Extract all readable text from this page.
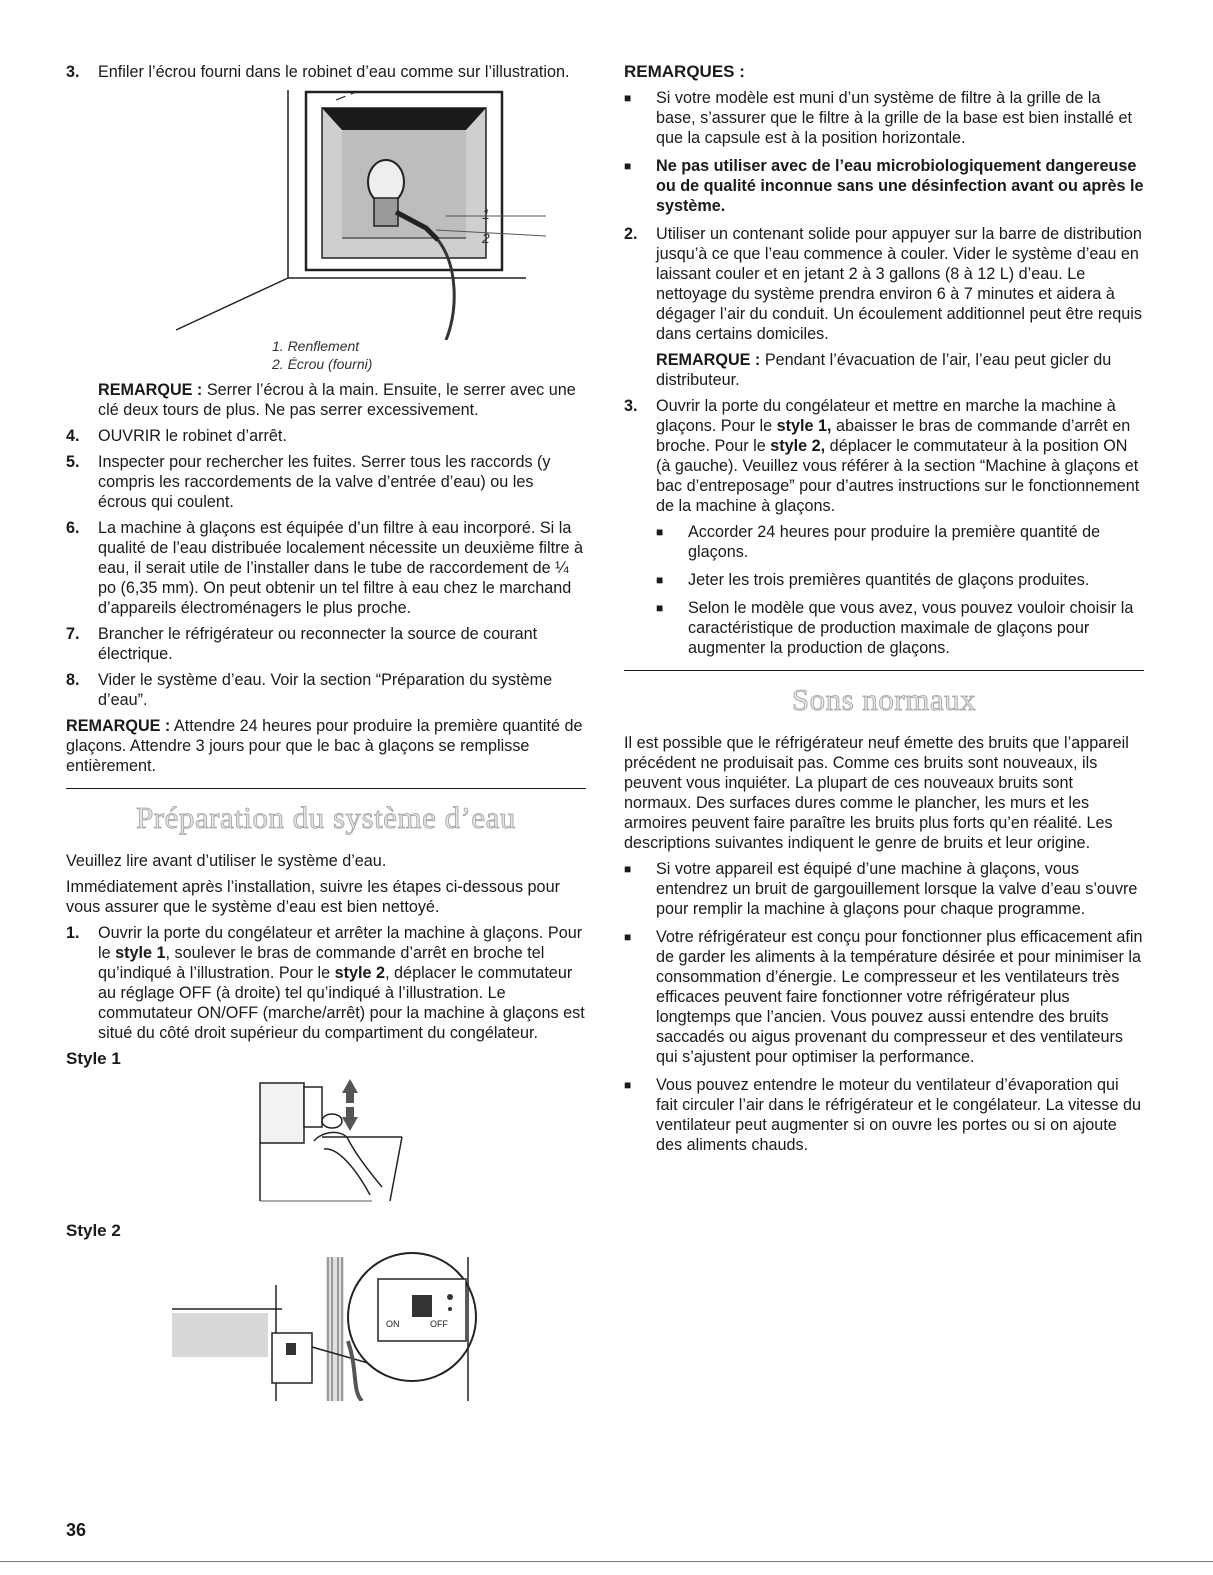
3. Enfiler l’écrou fourni dans le robinet d’eau comme sur l’illustration.
1
2
1. Renflement
2. Écrou (fourni)

REMARQUE : Serrer l’écrou à la main. Ensuite, le serrer avec une clé deux tours de plus. Ne pas serrer excessivement.

4. OUVRIR le robinet d’arrêt.
5. Inspecter pour rechercher les fuites. Serrer tous les raccords (y compris les raccordements de la valve d’entrée d’eau) ou les écrous qui coulent.
6. La machine à glaçons est équipée d’un filtre à eau incorporé. Si la qualité de l’eau distribuée localement nécessite un deuxième filtre à eau, il serait utile de l’installer dans le tube de raccordement de ¼ po (6,35 mm). On peut obtenir un tel filtre à eau chez le marchand d’appareils électroménagers le plus proche.
7. Brancher le réfrigérateur ou reconnecter la source de courant électrique.
8. Vider le système d’eau. Voir la section “Préparation du système d’eau”.

REMARQUE : Attendre 24 heures pour produire la première quantité de glaçons. Attendre 3 jours pour que le bac à glaçons se remplisse entièrement.

Préparation du système d’eau

Veuillez lire avant d’utiliser le système d’eau.

Immédiatement après l’installation, suivre les étapes ci-dessous pour vous assurer que le système d’eau est bien nettoyé.

1. Ouvrir la porte du congélateur et arrêter la machine à glaçons. Pour le style 1, soulever le bras de commande d’arrêt en broche tel qu’indiqué à l’illustration. Pour le style 2, déplacer le commutateur au réglage OFF (à droite) tel qu’indiqué à l’illustration. Le commutateur ON/OFF (marche/arrêt) pour la machine à glaçons est situé du côté droit supérieur du compartiment du congélateur.
Style 1
Style 2
ON	OFF
REMARQUES :
■ Si votre modèle est muni d’un système de filtre à la grille de la base, s’assurer que le filtre à la grille de la base est bien installé et que la capsule est à la position horizontale.
■ Ne pas utiliser avec de l’eau microbiologiquement dangereuse ou de qualité inconnue sans une désinfection avant ou après le système.
2. Utiliser un contenant solide pour appuyer sur la barre de distribution jusqu’à ce que l’eau commence à couler. Vider le système d’eau en laissant couler et en jetant 2 à 3 gallons (8 à 12 L) d’eau. Le nettoyage du système prendra environ 6 à 7 minutes et aidera à dégager l’air du conduit. Un écoulement additionnel peut être requis dans certains domiciles.

REMARQUE : Pendant l’évacuation de l’air, l’eau peut gicler du distributeur.

3. Ouvrir la porte du congélateur et mettre en marche la machine à glaçons. Pour le style 1, abaisser le bras de commande d’arrêt en broche. Pour le style 2, déplacer le commutateur à la position ON (à gauche). Veuillez vous référer à la section “Machine à glaçons et bac d’entreposage” pour d’autres instructions sur le fonctionnement de la machine à glaçons.
■ Accorder 24 heures pour produire la première quantité de glaçons.
■ Jeter les trois premières quantités de glaçons produites.
■ Selon le modèle que vous avez, vous pouvez vouloir choisir la caractéristique de production maximale de glaçons pour augmenter la production de glaçons.
Sons normaux

Il est possible que le réfrigérateur neuf émette des bruits que l’appareil précédent ne produisait pas. Comme ces bruits sont nouveaux, ils peuvent vous inquiéter. La plupart de ces nouveaux bruits sont normaux. Des surfaces dures comme le plancher, les murs et les armoires peuvent faire paraître les bruits plus forts qu’en réalité. Les descriptions suivantes indiquent le genre de bruits et leur origine.

■ Si votre appareil est équipé d’une machine à glaçons, vous entendrez un bruit de gargouillement lorsque la valve d’eau s’ouvre pour remplir la machine à glaçons pour chaque programme.
■ Votre réfrigérateur est conçu pour fonctionner plus efficacement afin de garder les aliments à la température désirée et pour minimiser la consommation d’énergie. Le compresseur et les ventilateurs très efficaces peuvent faire fonctionner votre réfrigérateur plus longtemps que l’ancien. Vous pouvez aussi entendre des bruits saccadés ou aigus provenant du compresseur et des ventilateurs qui s’ajustent pour optimiser la performance.
■ Vous pouvez entendre le moteur du ventilateur d’évaporation qui fait circuler l’air dans le réfrigérateur et le congélateur. La vitesse du ventilateur peut augmenter si on ouvre les portes ou si on ajoute des aliments chauds.
36
